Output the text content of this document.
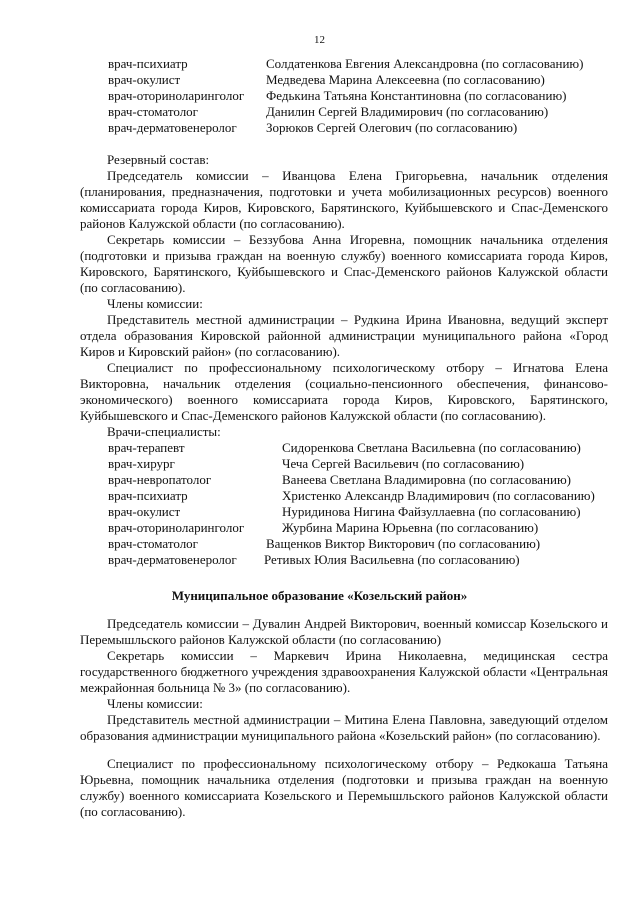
12
врач-психиатр	Солдатенкова Евгения Александровна (по согласованию)
врач-окулист	Медведева Марина Алексеевна (по согласованию)
врач-оториноларинголог Федькина Татьяна Константиновна (по согласованию)
врач-стоматолог	Данилин Сергей Владимирович (по согласованию)
врач-дерматовенеролог Зорюков Сергей Олегович (по согласованию)

Резервный состав:

Председатель комиссии – Иванцова Елена Григорьевна, начальник отделения (планирования, предназначения, подготовки и учета мобилизационных ресурсов) военного комиссариата города Киров, Кировского, Барятинского, Куйбышевского и Спас-Деменского районов Калужской области (по согласованию).

Секретарь комиссии – Беззубова Анна Игоревна, помощник начальника отделения (подготовки и призыва граждан на военную службу) военного комиссариата города Киров, Кировского, Барятинского, Куйбышевского и Спас-Деменского районов Калужской области (по согласованию).

Члены комиссии:

Представитель местной администрации – Рудкина Ирина Ивановна, ведущий эксперт отдела образования Кировской районной администрации муниципального района «Город Киров и Кировский район» (по согласованию).

Специалист по профессиональному психологическому отбору – Игнатова Елена Викторовна, начальник отделения (социально-пенсионного обеспечения, финансово-экономического) военного комиссариата города Киров, Кировского, Барятинского, Куйбышевского и Спас-Деменского районов Калужской области (по согласованию).

Врачи-специалисты:

врач-терапевт	Сидоренкова Светлана Васильевна (по согласованию)
врач-хирург	Чеча Сергей Васильевич (по согласованию)
врач-невропатолог	Ванеева Светлана Владимировна (по согласованию)
врач-психиатр	Христенко Александр Владимирович (по согласованию)
врач-окулист	Нуридинова Нигина Файзуллаевна (по согласованию)
врач-оториноларинголог	Журбина Марина Юрьевна (по согласованию)
врач-стоматолог	Ващенков Виктор Викторович (по согласованию)
врач-дерматовенеролог Ретивых Юлия Васильевна (по согласованию)
Муниципальное образование «Козельский район»

Председатель комиссии – Дувалин Андрей Викторович, военный комиссар Козельского и Перемышльского районов Калужской области (по согласованию)

Секретарь комиссии – Маркевич Ирина Николаевна, медицинская сестра государственного бюджетного учреждения здравоохранения Калужской области «Центральная межрайонная больница № 3» (по согласованию).

Члены комиссии:

Представитель местной администрации – Митина Елена Павловна, заведующий отделом образования администрации муниципального района «Козельский район» (по согласованию).

Специалист по профессиональному психологическому отбору – Редкокаша Татьяна Юрьевна, помощник начальника отделения (подготовки и призыва граждан на военную службу) военного комиссариата Козельского и Перемышльского районов Калужской области (по согласованию).
